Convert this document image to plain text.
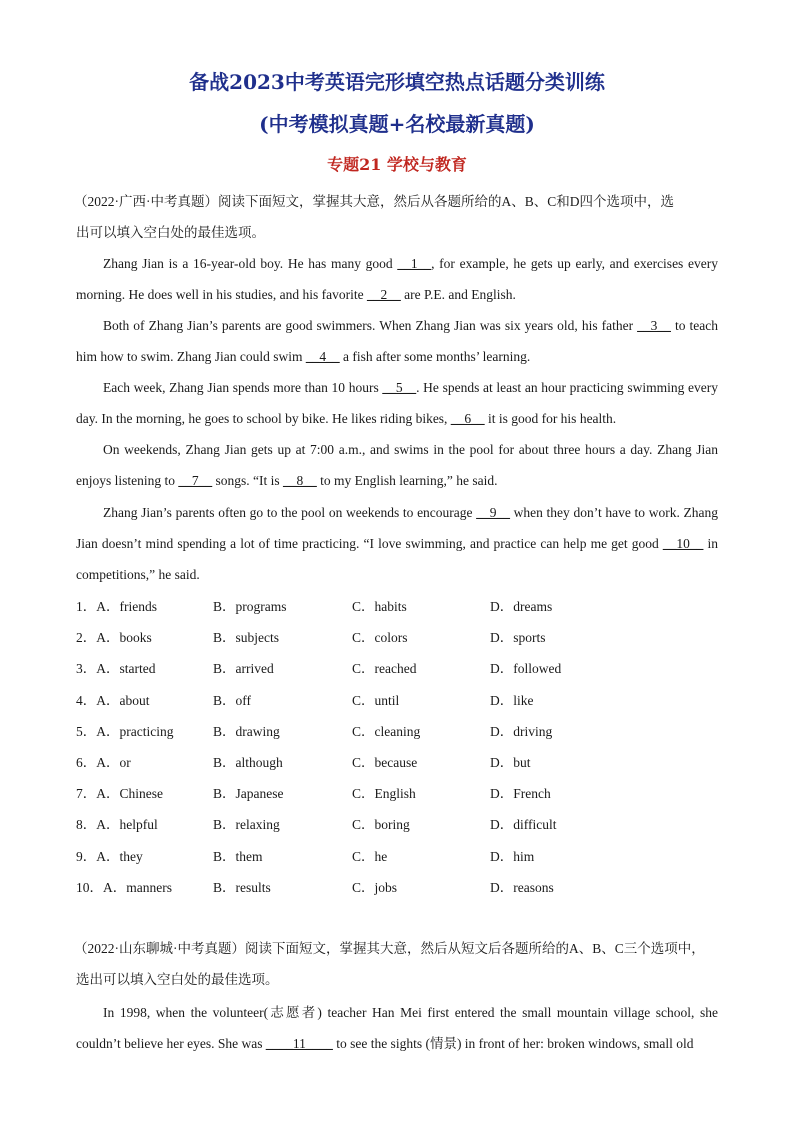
备战2023中考英语完形填空热点话题分类训练
(中考模拟真题+名校最新真题)
专题21 学校与教育
（2022·广西·中考真题）阅读下面短文，掌握其大意，然后从各题所给的A、B、C和D四个选项中，选
出可以填入空白处的最佳选项。
Zhang Jian is a 16-year-old boy. He has many good __1__, for example, he gets up early, and exercises every morning. He does well in his studies, and his favorite __2__ are P.E. and English.
Both of Zhang Jian’s parents are good swimmers. When Zhang Jian was six years old, his father __3__ to teach him how to swim. Zhang Jian could swim __4__ a fish after some months’ learning.
Each week, Zhang Jian spends more than 10 hours __5__. He spends at least an hour practicing swimming every day. In the morning, he goes to school by bike. He likes riding bikes, __6__ it is good for his health.
On weekends, Zhang Jian gets up at 7:00 a.m., and swims in the pool for about three hours a day. Zhang Jian enjoys listening to __7__ songs. “It is __8__ to my English learning,” he said.
Zhang Jian’s parents often go to the pool on weekends to encourage __9__ when they don’t have to work. Zhang Jian doesn’t mind spending a lot of time practicing. “I love swimming, and practice can help me get good __10__ in competitions,” he said.
1．A．friends	B．programs	C．habits	D．dreams
2．A．books	B．subjects	C．colors	D．sports
3．A．started	B．arrived	C．reached	D．followed
4．A．about	B．off	C．until	D．like
5．A．practicing	B．drawing	C．cleaning	D．driving
6．A．or	B．although	C．because	D．but
7．A．Chinese	B．Japanese	C．English	D．French
8．A．helpful	B．relaxing	C．boring	D．difficult
9．A．they	B．them	C．he	D．him
10．A．manners	B．results	C．jobs	D．reasons
（2022·山东聊城·中考真题）阅读下面短文，掌握其大意，然后从短文后各题所给的A、B、C三个选项中，
选出可以填入空白处的最佳选项。
In 1998, when the volunteer(志愿者) teacher Han Mei first entered the small mountain village school, she couldn’t believe her eyes. She was ____11____ to see the sights (情景) in front of her: broken windows, small old
